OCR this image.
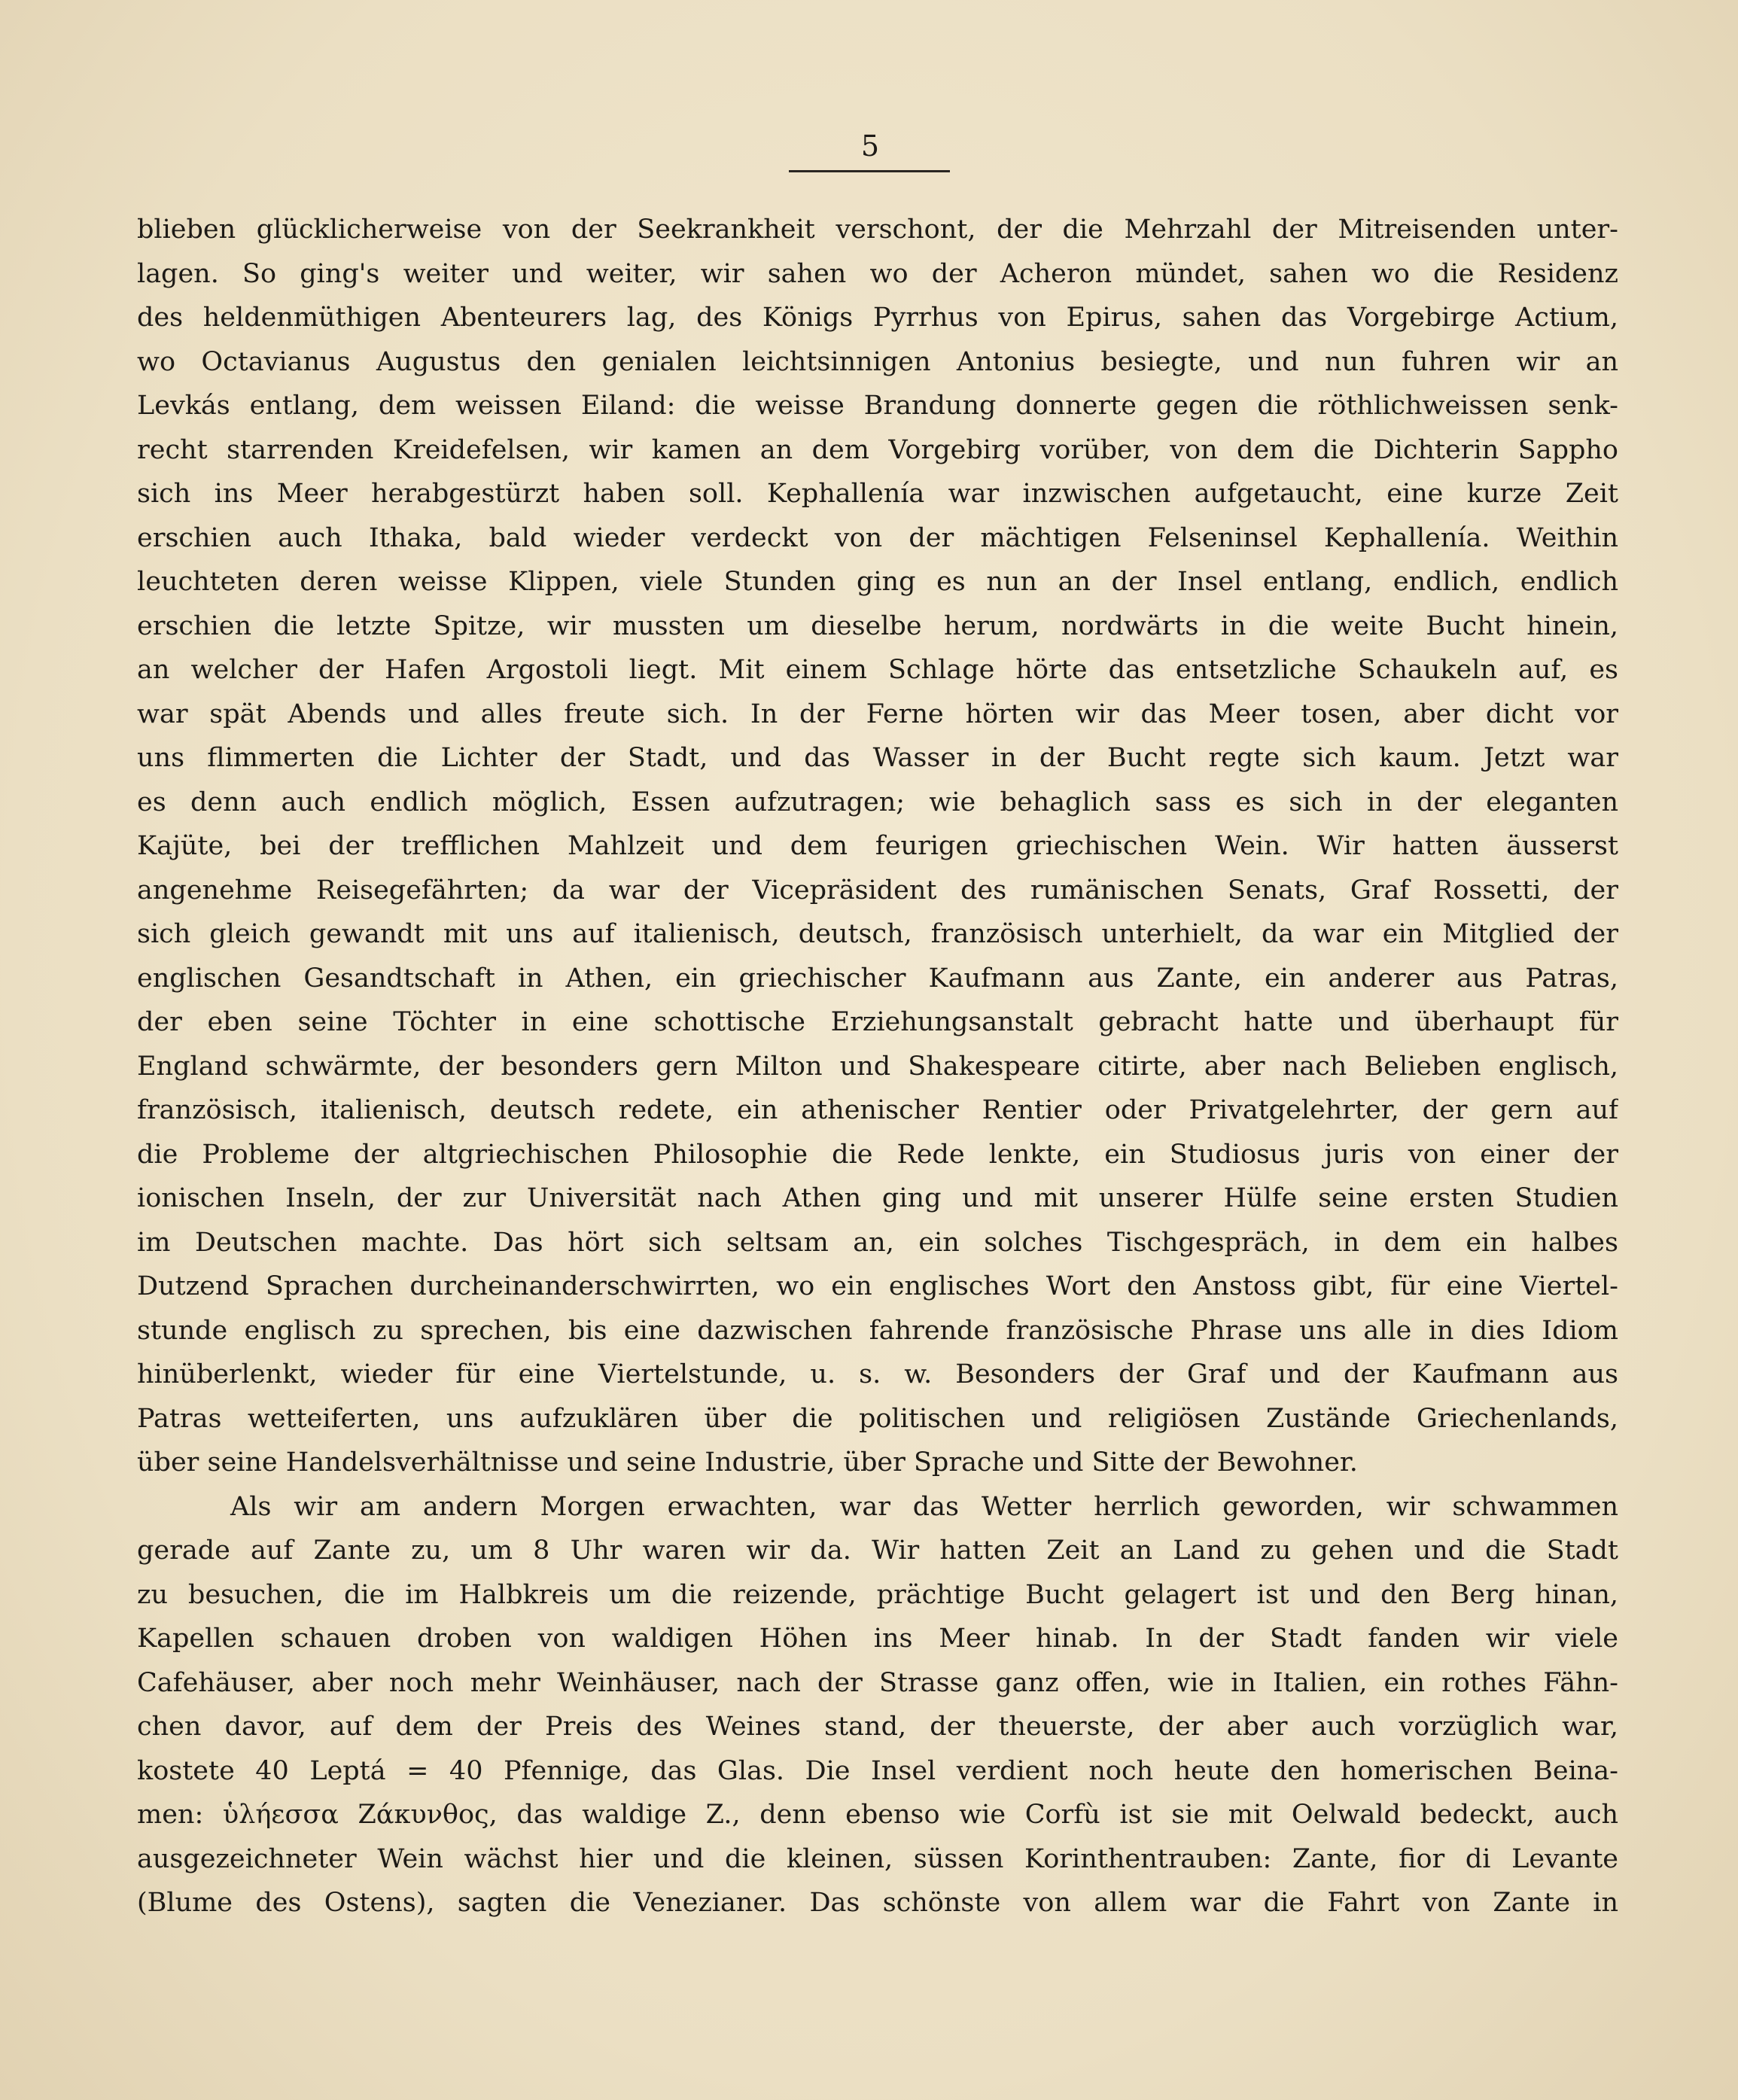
5
blieben glücklicherweise von der Seekrankheit verschont, der die Mehrzahl der Mitreisenden unter-
lagen. So ging's weiter und weiter, wir sahen wo der Acheron mündet, sahen wo die Residenz
des heldenmüthigen Abenteurers lag, des Königs Pyrrhus von Epirus, sahen das Vorgebirge Actium,
wo Octavianus Augustus den genialen leichtsinnigen Antonius besiegte, und nun fuhren wir an
Levkás entlang, dem weissen Eiland: die weisse Brandung donnerte gegen die röthlichweissen senk-
recht starrenden Kreidefelsen, wir kamen an dem Vorgebirg vorüber, von dem die Dichterin Sappho
sich ins Meer herabgestürzt haben soll. Kephallenía war inzwischen aufgetaucht, eine kurze Zeit
erschien auch Ithaka, bald wieder verdeckt von der mächtigen Felseninsel Kephallenía. Weithin
leuchteten deren weisse Klippen, viele Stunden ging es nun an der Insel entlang, endlich, endlich
erschien die letzte Spitze, wir mussten um dieselbe herum, nordwärts in die weite Bucht hinein,
an welcher der Hafen Argostoli liegt. Mit einem Schlage hörte das entsetzliche Schaukeln auf, es
war spät Abends und alles freute sich. In der Ferne hörten wir das Meer tosen, aber dicht vor
uns flimmerten die Lichter der Stadt, und das Wasser in der Bucht regte sich kaum. Jetzt war
es denn auch endlich möglich, Essen aufzutragen; wie behaglich sass es sich in der eleganten
Kajüte, bei der trefflichen Mahlzeit und dem feurigen griechischen Wein. Wir hatten äusserst
angenehme Reisegefährten; da war der Vicepräsident des rumänischen Senats, Graf Rossetti, der
sich gleich gewandt mit uns auf italienisch, deutsch, französisch unterhielt, da war ein Mitglied der
englischen Gesandtschaft in Athen, ein griechischer Kaufmann aus Zante, ein anderer aus Patras,
der eben seine Töchter in eine schottische Erziehungsanstalt gebracht hatte und überhaupt für
England schwärmte, der besonders gern Milton und Shakespeare citirte, aber nach Belieben englisch,
französisch, italienisch, deutsch redete, ein athenischer Rentier oder Privatgelehrter, der gern auf
die Probleme der altgriechischen Philosophie die Rede lenkte, ein Studiosus juris von einer der
ionischen Inseln, der zur Universität nach Athen ging und mit unserer Hülfe seine ersten Studien
im Deutschen machte. Das hört sich seltsam an, ein solches Tischgespräch, in dem ein halbes
Dutzend Sprachen durcheinanderschwirrten, wo ein englisches Wort den Anstoss gibt, für eine Viertel-
stunde englisch zu sprechen, bis eine dazwischen fahrende französische Phrase uns alle in dies Idiom
hinüberlenkt, wieder für eine Viertelstunde, u. s. w. Besonders der Graf und der Kaufmann aus
Patras wetteiferten, uns aufzuklären über die politischen und religiösen Zustände Griechenlands,
über seine Handelsverhältnisse und seine Industrie, über Sprache und Sitte der Bewohner.
Als wir am andern Morgen erwachten, war das Wetter herrlich geworden, wir schwammen
gerade auf Zante zu, um 8 Uhr waren wir da. Wir hatten Zeit an Land zu gehen und die Stadt
zu besuchen, die im Halbkreis um die reizende, prächtige Bucht gelagert ist und den Berg hinan,
Kapellen schauen droben von waldigen Höhen ins Meer hinab. In der Stadt fanden wir viele
Cafehäuser, aber noch mehr Weinhäuser, nach der Strasse ganz offen, wie in Italien, ein rothes Fähn-
chen davor, auf dem der Preis des Weines stand, der theuerste, der aber auch vorzüglich war,
kostete 40 Leptá = 40 Pfennige, das Glas. Die Insel verdient noch heute den homerischen Beina-
men: ὑλήεσσα Ζάκυνθος, das waldige Z., denn ebenso wie Corfù ist sie mit Oelwald bedeckt, auch
ausgezeichneter Wein wächst hier und die kleinen, süssen Korinthentrauben: Zante, fior di Levante
(Blume des Ostens), sagten die Venezianer. Das schönste von allem war die Fahrt von Zante in
